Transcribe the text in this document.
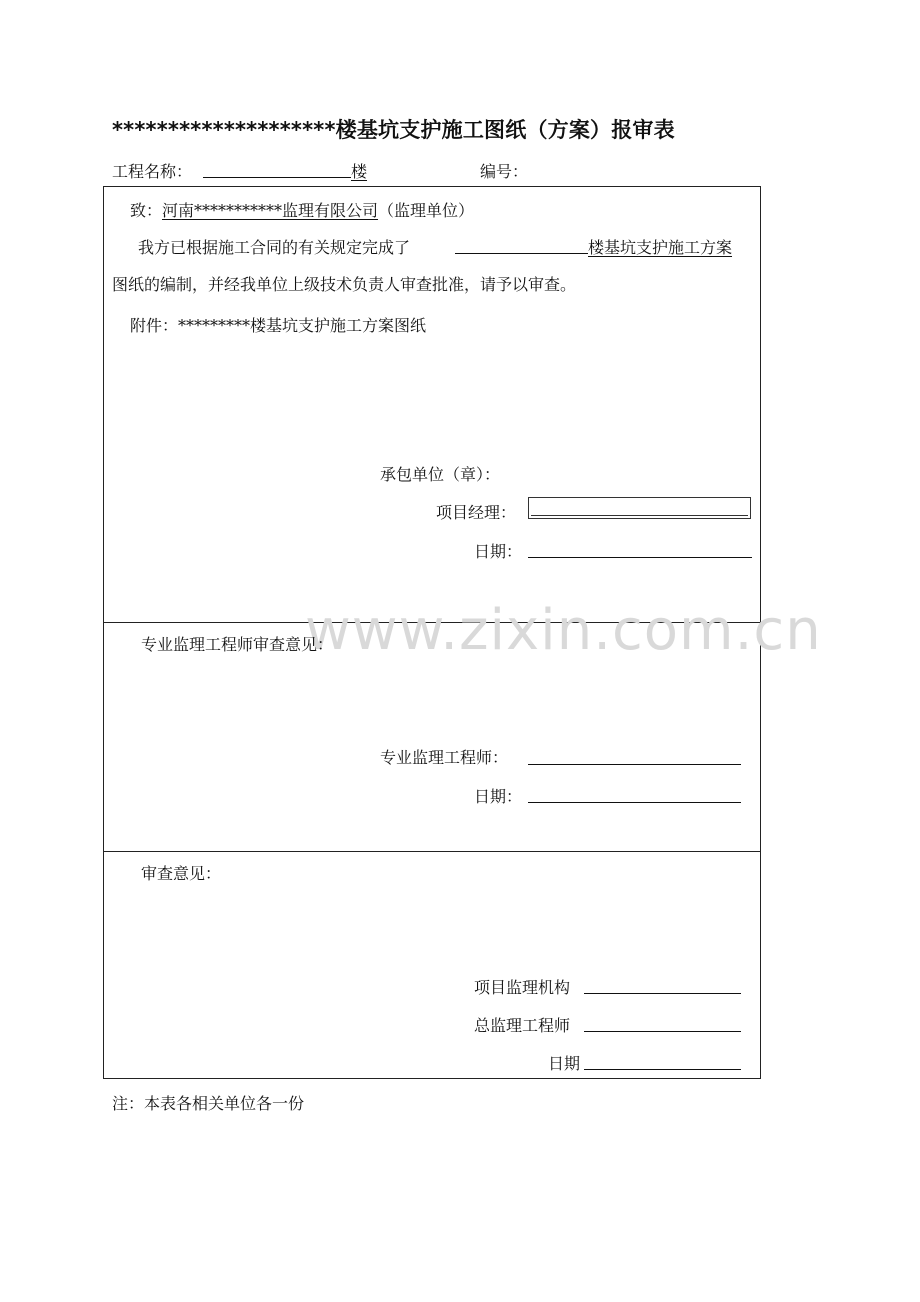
********************楼基坑支护施工图纸（方案）报审表
工程名称：	楼	编号：
致：河南***********监理有限公司（监理单位）
我方已根据施工合同的有关规定完成了	楼基坑支护施工方案
图纸的编制，并经我单位上级技术负责人审查批准，请予以审查。
附件：*********楼基坑支护施工方案图纸
承包单位（章）：
项目经理：
日期：
www.zixin.com.cn
专业监理工程师审查意见：
专业监理工程师：
日期：
审查意见：
项目监理机构
总监理工程师
日期
注：本表各相关单位各一份
